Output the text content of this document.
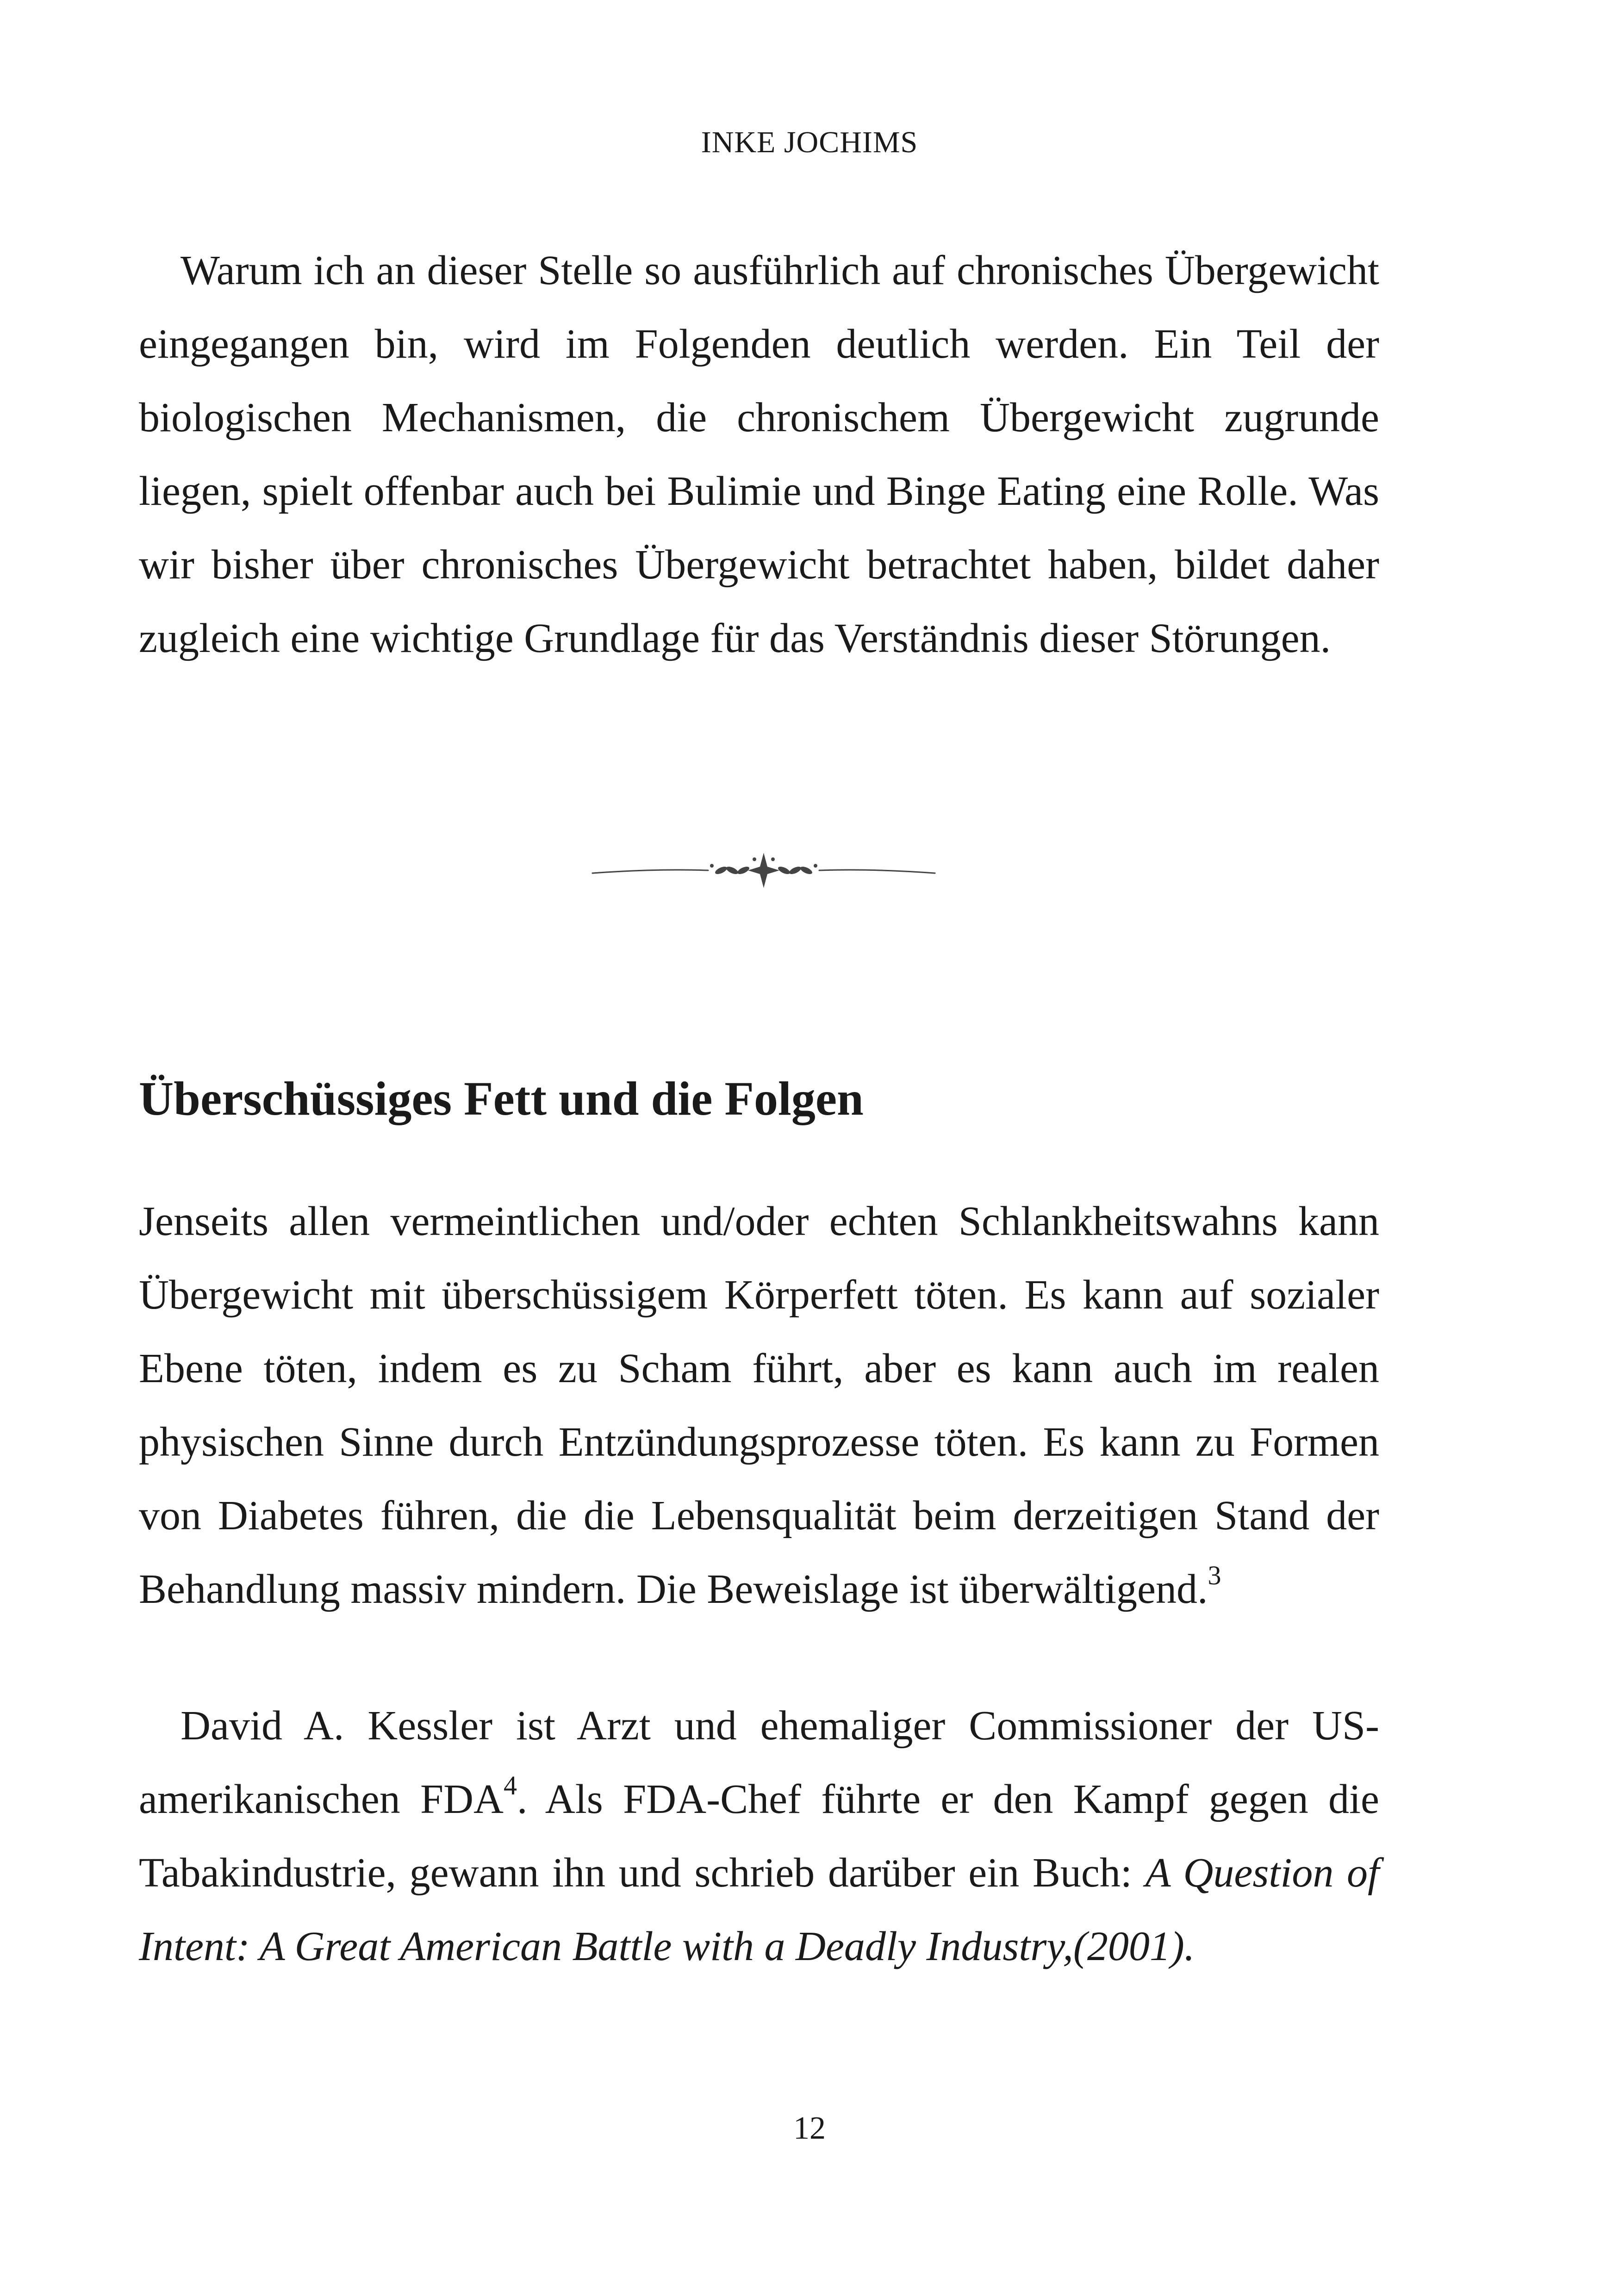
INKE JOCHIMS

Warum ich an dieser Stelle so ausführlich auf chronisches Übergewicht eingegangen bin, wird im Folgenden deutlich werden. Ein Teil der biologischen Mechanismen, die chronischem Übergewicht zugrunde liegen, spielt offenbar auch bei Bulimie und Binge Eating eine Rolle. Was wir bisher über chronisches Übergewicht betrachtet haben, bildet daher zugleich eine wichtige Grundlage für das Verständnis dieser Störungen.

Überschüssiges Fett und die Folgen

Jenseits allen vermeintlichen und/oder echten Schlankheitswahns kann Übergewicht mit überschüssigem Körperfett töten. Es kann auf sozialer Ebene töten, indem es zu Scham führt, aber es kann auch im realen physischen Sinne durch Entzündungsprozesse töten. Es kann zu Formen von Diabetes führen, die die Lebensqualität beim derzeitigen Stand der Behandlung massiv mindern. Die Beweislage ist überwältigend.$^3$

David A. Kessler ist Arzt und ehemaliger Commissioner der US-amerikanischen FDA$^4$. Als FDA-Chef führte er den Kampf gegen die Tabakindustrie, gewann ihn und schrieb darüber ein Buch: A Question of Intent: A Great American Battle with a Deadly Industry,(2001).

12
